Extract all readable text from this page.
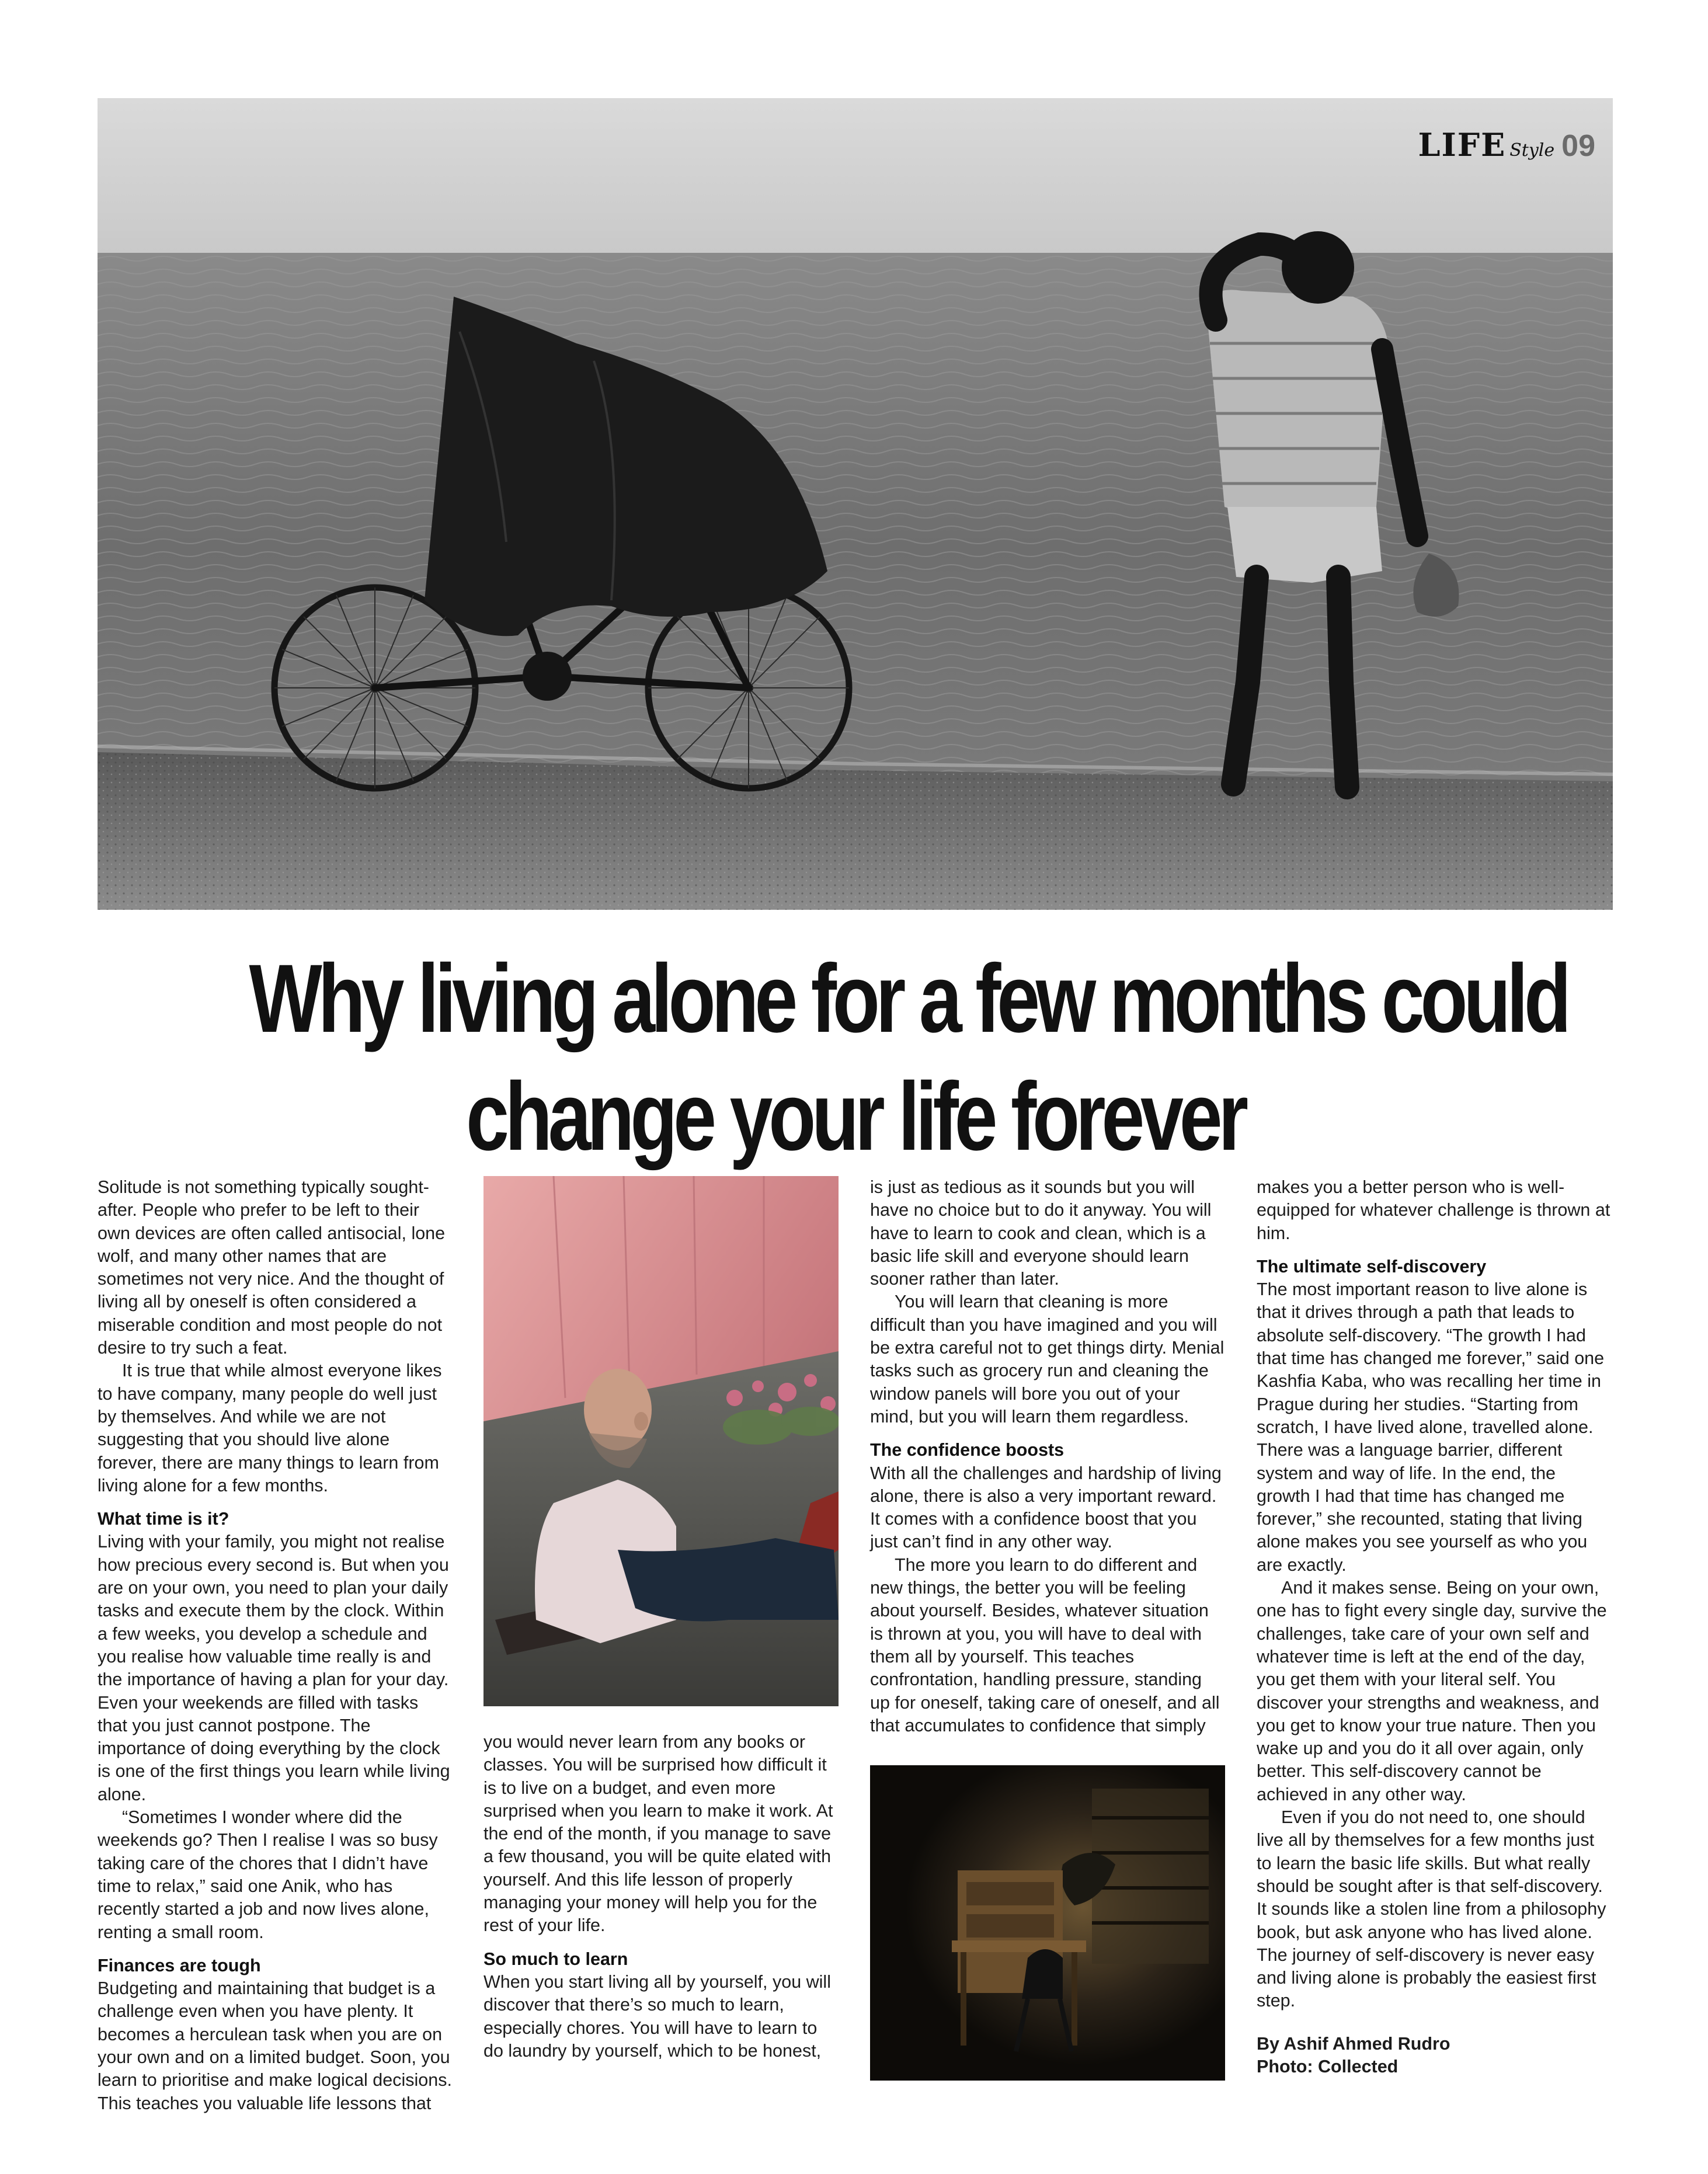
LIFE Style 09
Why living alone for a few months could
change your life forever

Solitude is not something typically sought-after. People who prefer to be left to their own devices are often called antisocial, lone wolf, and many other names that are sometimes not very nice. And the thought of living all by oneself is often considered a miserable condition and most people do not desire to try such a feat.

It is true that while almost everyone likes to have company, many people do well just by themselves. And while we are not suggesting that you should live alone forever, there are many things to learn from living alone for a few months.

What time is it?

Living with your family, you might not realise how precious every second is. But when you are on your own, you need to plan your daily tasks and execute them by the clock. Within a few weeks, you develop a schedule and you realise how valuable time really is and the importance of having a plan for your day. Even your weekends are filled with tasks that you just cannot postpone. The importance of doing everything by the clock is one of the first things you learn while living alone.

“Sometimes I wonder where did the weekends go? Then I realise I was so busy taking care of the chores that I didn’t have time to relax,” said one Anik, who has recently started a job and now lives alone, renting a small room.

Finances are tough

Budgeting and maintaining that budget is a challenge even when you have plenty. It becomes a herculean task when you are on your own and on a limited budget. Soon, you learn to prioritise and make logical decisions. This teaches you valuable life lessons that

you would never learn from any books or classes. You will be surprised how difficult it is to live on a budget, and even more surprised when you learn to make it work. At the end of the month, if you manage to save a few thousand, you will be quite elated with yourself. And this life lesson of properly managing your money will help you for the rest of your life.

So much to learn

When you start living all by yourself, you will discover that there’s so much to learn, especially chores. You will have to learn to do laundry by yourself, which to be honest,

is just as tedious as it sounds but you will have no choice but to do it anyway. You will have to learn to cook and clean, which is a basic life skill and everyone should learn sooner rather than later.

You will learn that cleaning is more difficult than you have imagined and you will be extra careful not to get things dirty. Menial tasks such as grocery run and cleaning the window panels will bore you out of your mind, but you will learn them regardless.

The confidence boosts

With all the challenges and hardship of living alone, there is also a very important reward. It comes with a confidence boost that you just can’t find in any other way.

The more you learn to do different and new things, the better you will be feeling about yourself. Besides, whatever situation is thrown at you, you will have to deal with them all by yourself. This teaches confrontation, handling pressure, standing up for oneself, taking care of oneself, and all that accumulates to confidence that simply

makes you a better person who is well-equipped for whatever challenge is thrown at him.

The ultimate self-discovery

The most important reason to live alone is that it drives through a path that leads to absolute self-discovery. “The growth I had that time has changed me forever,” said one Kashfia Kaba, who was recalling her time in Prague during her studies. “Starting from scratch, I have lived alone, travelled alone. There was a language barrier, different system and way of life. In the end, the growth I had that time has changed me forever,” she recounted, stating that living alone makes you see yourself as who you are exactly.

And it makes sense. Being on your own, one has to fight every single day, survive the challenges, take care of your own self and whatever time is left at the end of the day, you get them with your literal self. You discover your strengths and weakness, and you get to know your true nature. Then you wake up and you do it all over again, only better. This self-discovery cannot be achieved in any other way.

Even if you do not need to, one should live all by themselves for a few months just to learn the basic life skills. But what really should be sought after is that self-discovery. It sounds like a stolen line from a philosophy book, but ask anyone who has lived alone. The journey of self-discovery is never easy and living alone is probably the easiest first step.

By Ashif Ahmed Rudro
Photo: Collected
